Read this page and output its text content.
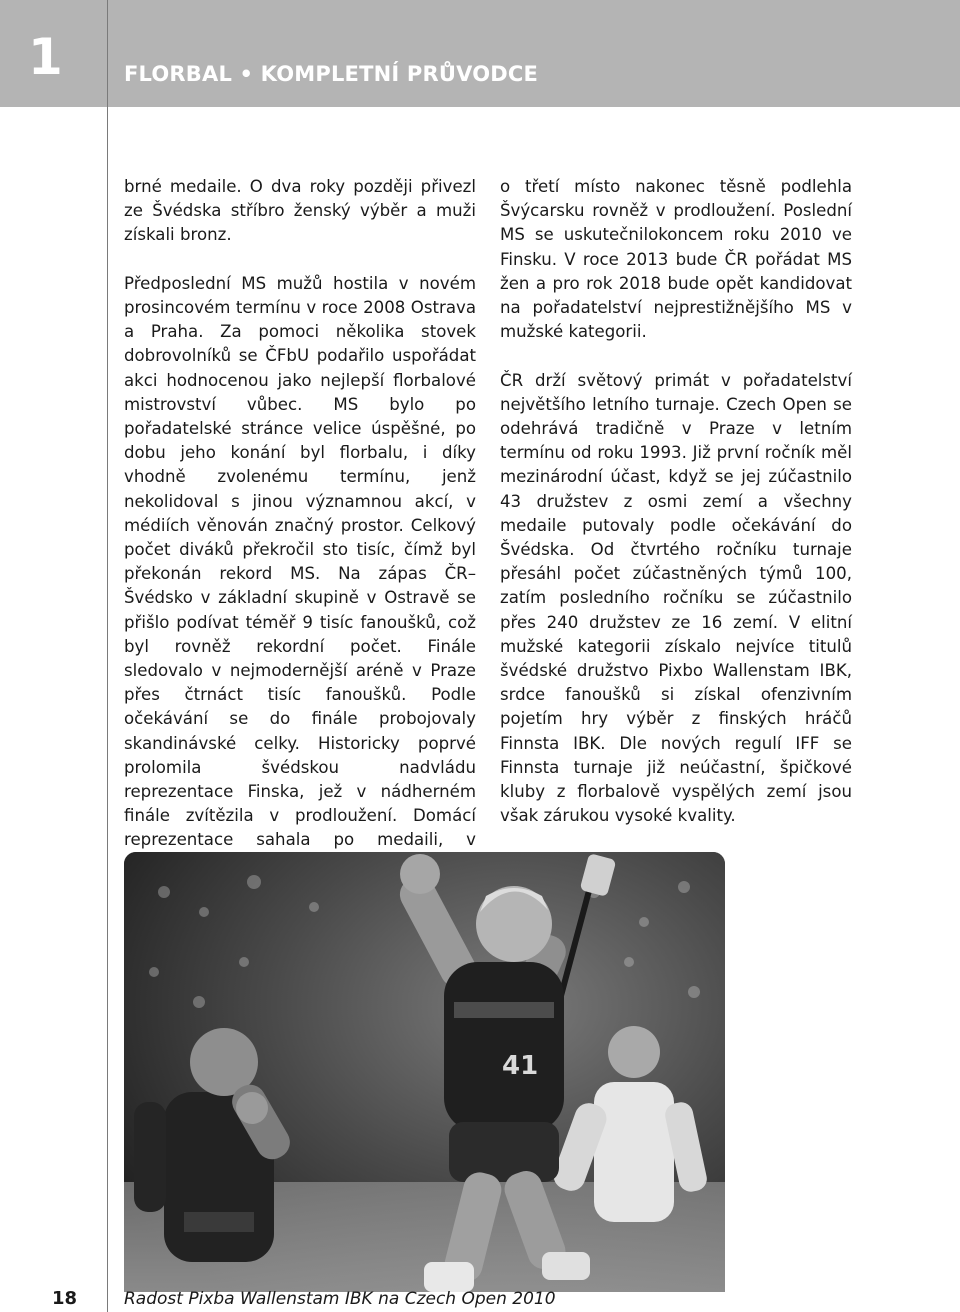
1	FLORBAL • KOMPLETNÍ PRŮVODCE

brné medaile. O dva roky později přivezl ze Švédska stříbro ženský výběr a muži získali bronz.

Předposlední MS mužů hostila v novém prosincovém termínu v roce 2008 Ostrava a Praha. Za pomoci několika stovek dobrovolníků se ČFbU podařilo uspořádat akci hodnocenou jako nejlepší florbalové mistrovství vůbec. MS bylo po pořadatelské stránce velice úspěšné, po dobu jeho konání byl florbalu, i díky vhodně zvolenému termínu, jenž nekolidoval s jinou významnou akcí, v médiích věnován značný prostor. Celkový počet diváků překročil sto tisíc, čímž byl překonán rekord MS. Na zápas ČR–Švédsko v základní skupině v Ostravě se přišlo podívat téměř 9 tisíc fanoušků, což byl rovněž rekordní počet. Finále sledovalo v nejmodernější aréně v Praze přes čtrnáct tisíc fanoušků. Podle očekávání se do finále probojovaly skandinávské celky. Historicky poprvé prolomila švédskou nadvládu reprezentace Finska, jež v nádherném finále zvítězila v prodloužení. Domácí reprezentace sahala po medaili, v

o třetí místo nakonec těsně podlehla Švýcarsku rovněž v prodloužení. Poslední MS se uskutečnilokoncem roku 2010 ve Finsku. V roce 2013 bude ČR pořádat MS žen a pro rok 2018 bude opět kandidovat na pořadatelství nejprestižnějšího MS v mužské kategorii.

ČR drží světový primát v pořadatelství největšího letního turnaje. Czech Open se odehrává tradičně v Praze v letním termínu od roku 1993. Již první ročník měl mezinárodní účast, když se jej zúčastnilo 43 družstev z osmi zemí a všechny medaile putovaly podle očekávání do Švédska. Od čtvrtého ročníku turnaje přesáhl počet zúčastněných týmů 100, zatím posledního ročníku se zúčastnilo přes 240 družstev ze 16 zemí. V elitní mužské kategorii získalo nejvíce titulů švédské družstvo Pixbo Wallenstam IBK, srdce fanoušků si získal ofenzivním pojetím hry výběr z finských hráčů Finnsta IBK. Dle nových regulí IFF se Finnsta turnaje již neúčastní, špičkové kluby z florbalově vyspělých zemí jsou však zárukou vysoké kvality.

41
18	Radost Pixba Wallenstam IBK na Czech Open 2010
